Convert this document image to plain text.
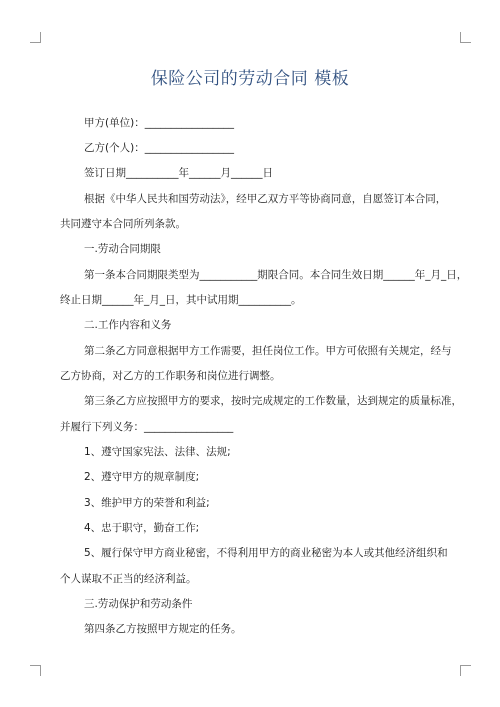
保险公司的劳动合同 模板
甲方(单位)：_________________
乙方(个人)：_________________
签订日期__________年______月______日
根据《中华人民共和国劳动法》，经甲乙双方平等协商同意，自愿签订本合同，
共同遵守本合同所列条款。
一.劳动合同期限
第一条本合同期限类型为___________期限合同。本合同生效日期______年_月_日，
终止日期______年_月_日，其中试用期__________。
二.工作内容和义务
第二条乙方同意根据甲方工作需要，担任岗位工作。甲方可依照有关规定，经与
乙方协商，对乙方的工作职务和岗位进行调整。
第三条乙方应按照甲方的要求，按时完成规定的工作数量，达到规定的质量标准，
并履行下列义务：_________________
1、遵守国家宪法、法律、法规;
2、遵守甲方的规章制度;
3、维护甲方的荣誉和利益;
4、忠于职守，勤奋工作;
5、履行保守甲方商业秘密，不得利用甲方的商业秘密为本人或其他经济组织和
个人谋取不正当的经济利益。
三.劳动保护和劳动条件
第四条乙方按照甲方规定的任务。
